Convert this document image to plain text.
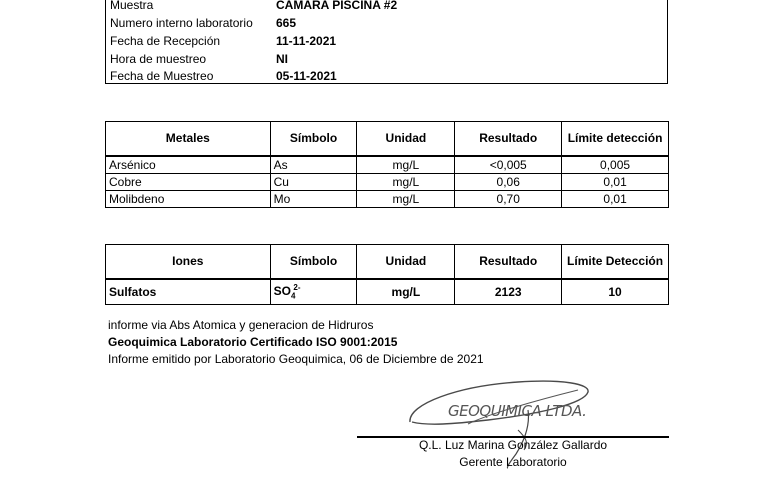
Muestra	CAMARA PISCINA #2
Numero interno laboratorio	665
Fecha de Recepción	11-11-2021
Hora de muestreo	NI
Fecha de Muestreo	05-11-2021
Metales	Símbolo	Unidad	Resultado	Límite detección
Arsénico	As	mg/L	<0,005	0,005
Cobre	Cu	mg/L	0,06	0,01
Molibdeno	Mo	mg/L	0,70	0,01
Iones	Símbolo	Unidad	Resultado	Límite Detección
Sulfatos	$SO_4^{2-}$	mg/L	2123	10
informe via Abs Atomica y generacion de Hidruros
Geoquimica Laboratorio Certificado ISO 9001:2015
Informe emitido por Laboratorio Geoquimica, 06 de Diciembre de 2021
GEOQUIMICA LTDA.
Q.L. Luz Marina González Gallardo
Gerente Laboratorio
